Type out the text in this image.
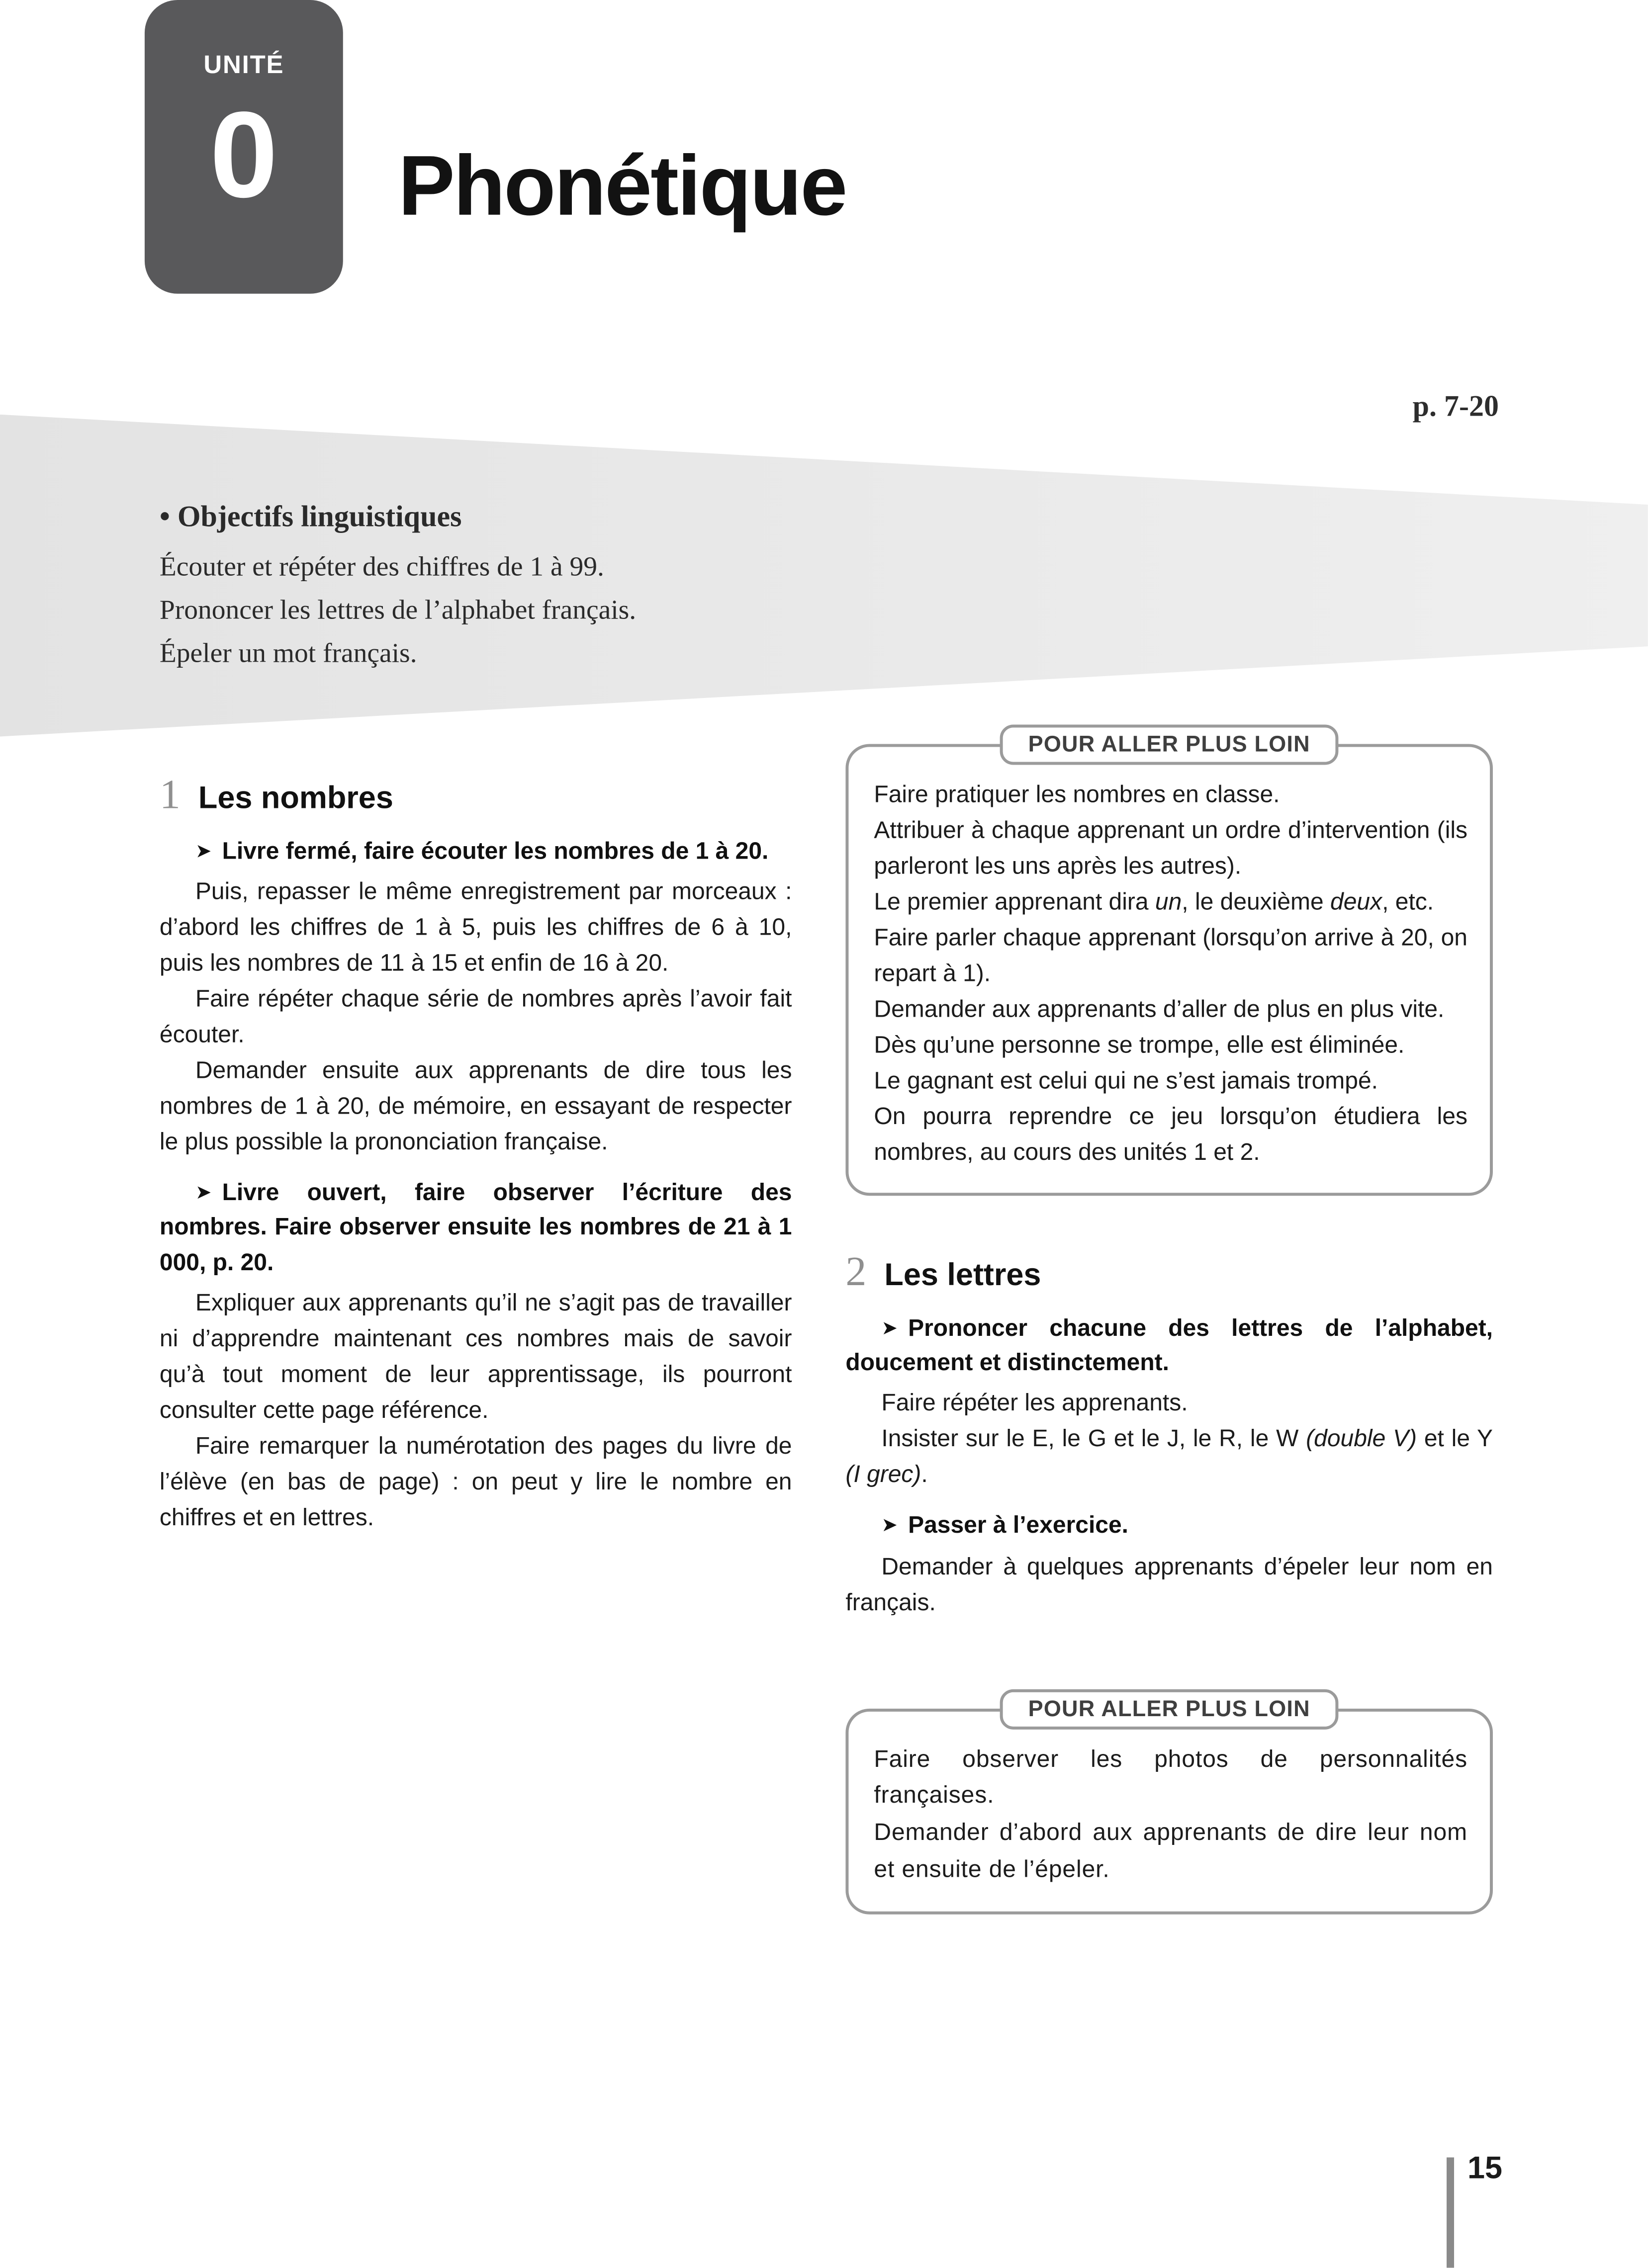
UNITÉ
0	Phonétique
p. 7-20
• Objectifs linguistiques
Écouter et répéter des chiffres de 1 à 99.
Prononcer les lettres de l’alphabet français.
Épeler un mot français.
1 Les nombres

➤ Livre fermé, faire écouter les nombres de 1 à 20.

Puis, repasser le même enregistrement par morceaux : d’abord les chiffres de 1 à 5, puis les chiffres de 6 à 10, puis les nombres de 11 à 15 et enfin de 16 à 20.

Faire répéter chaque série de nombres après l’avoir fait écouter.

Demander ensuite aux apprenants de dire tous les nombres de 1 à 20, de mémoire, en essayant de respecter le plus possible la prononciation française.

➤ Livre ouvert, faire observer l’écriture des nombres. Faire observer ensuite les nombres de 21 à 1 000, p. 20.

Expliquer aux apprenants qu’il ne s’agit pas de travailler ni d’apprendre maintenant ces nombres mais de savoir qu’à tout moment de leur apprentissage, ils pourront consulter cette page référence.

Faire remarquer la numérotation des pages du livre de l’élève (en bas de page) : on peut y lire le nombre en chiffres et en lettres.

POUR ALLER PLUS LOIN

Faire pratiquer les nombres en classe.

Attribuer à chaque apprenant un ordre d’intervention (ils parleront les uns après les autres).

Le premier apprenant dira un, le deuxième deux, etc.

Faire parler chaque apprenant (lorsqu’on arrive à 20, on repart à 1).

Demander aux apprenants d’aller de plus en plus vite.

Dès qu’une personne se trompe, elle est éliminée.

Le gagnant est celui qui ne s’est jamais trompé.

On pourra reprendre ce jeu lorsqu’on étudiera les nombres, au cours des unités 1 et 2.

2 Les lettres

➤ Prononcer chacune des lettres de l’alphabet, doucement et distinctement.

Faire répéter les apprenants.

Insister sur le E, le G et le J, le R, le W (double V) et le Y (I grec).

➤ Passer à l’exercice.

Demander à quelques apprenants d’épeler leur nom en français.

POUR ALLER PLUS LOIN

Faire observer les photos de personnalités françaises.

Demander d’abord aux apprenants de dire leur nom et ensuite de l’épeler.

15
